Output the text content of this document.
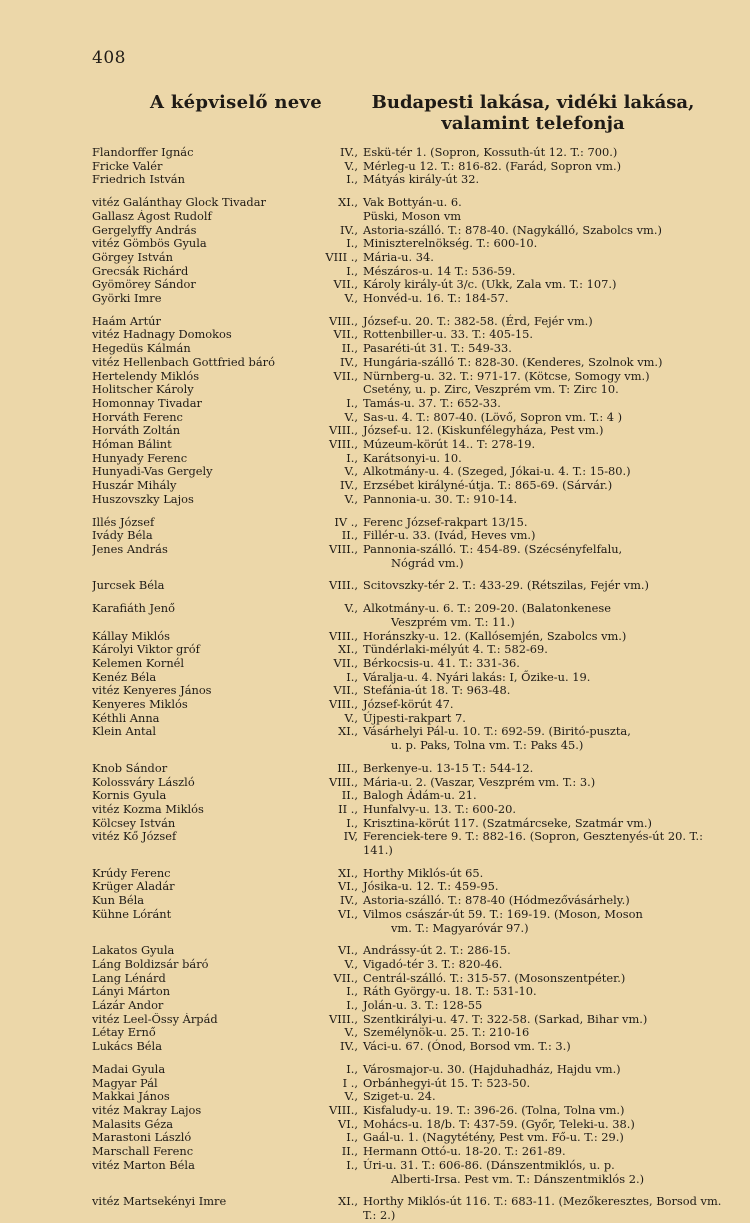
408
A képviselő neve	Budapesti lakása, vidéki lakása,
valamint telefonja
Flandorffer Ignác	IV., Eskü-tér 1. (Sopron, Kossuth-út 12. T.: 700.)
Fricke Valér	V., Mérleg-u 12. T.: 816-82. (Farád, Sopron vm.)
Friedrich István	I., Mátyás király-út 32.
vitéz Galánthay Glock Tivadar	XI., Vak Bottyán-u. 6.
Gallasz Ágost Rudolf	Püski, Moson vm
Gergelyffy András	IV., Astoria-szálló. T.: 878-40. (Nagykálló, Szabolcs vm.)
vitéz Gömbös Gyula	I., Miniszterelnökség. T.: 600-10.
Görgey István	VIII ., Mária-u. 34.
Grecsák Richárd	I., Mészáros-u. 14 T.: 536-59.
Gyömörey Sándor	VII., Károly király-út 3/c. (Ukk, Zala vm. T.: 107.)
Györki Imre	V., Honvéd-u. 16. T.: 184-57.
Haám Artúr	VIII., József-u. 20. T.: 382-58. (Érd, Fejér vm.)
vitéz Hadnagy Domokos	VII., Rottenbiller-u. 33. T.: 405-15.
Hegedüs Kálmán	II., Pasaréti-út 31. T.: 549-33.
vitéz Hellenbach Gottfried báró	IV., Hungária-szálló T.: 828-30. (Kenderes, Szolnok vm.)
Hertelendy Miklós	VII., Nürnberg-u. 32. T.: 971-17. (Kötcse, Somogy vm.)
Holitscher Károly	Csetény, u. p. Zirc, Veszprém vm. T: Zirc 10.
Homonnay Tivadar	I., Tamás-u. 37. T.: 652-33.
Horváth Ferenc	V., Sas-u. 4. T.: 807-40. (Lövő, Sopron vm. T.: 4 )
Horváth Zoltán	VIII., József-u. 12. (Kiskunfélegyháza, Pest vm.)
Hóman Bálint	VIII., Múzeum-körút 14.. T: 278-19.
Hunyady Ferenc	I., Karátsonyi-u. 10.
Hunyadi-Vas Gergely	V., Alkotmány-u. 4. (Szeged, Jókai-u. 4. T.: 15-80.)
Huszár Mihály	IV., Erzsébet királyné-útja. T.: 865-69. (Sárvár.)
Huszovszky Lajos	V., Pannonia-u. 30. T.: 910-14.
Illés József	IV ., Ferenc József-rakpart 13/15.
Ivády Béla	II., Fillér-u. 33. (Ivád, Heves vm.)
Jenes András	VIII., Pannonia-szálló. T.: 454-89. (Szécsényfelfalu,
Nógrád vm.)
Jurcsek Béla	VIII., Scitovszky-tér 2. T.: 433-29. (Rétszilas, Fejér vm.)
Karafiáth Jenő	V., Alkotmány-u. 6. T.: 209-20. (Balatonkenese
Veszprém vm. T.: 11.)
Kállay Miklós	VIII., Horánszky-u. 12. (Kallósemjén, Szabolcs vm.)
Károlyi Viktor gróf	XI., Tündérlaki-mélyút 4. T.: 582-69.
Kelemen Kornél	VII., Bérkocsis-u. 41. T.: 331-36.
Kenéz Béla	I., Váralja-u. 4. Nyári lakás: I, Őzike-u. 19.
vitéz Kenyeres János	VII., Stefánia-út 18. T: 963-48.
Kenyeres Miklós	VIII., József-körút 47.
Kéthli Anna	V., Újpesti-rakpart 7.
Klein Antal	XI., Vásárhelyi Pál-u. 10. T.: 692-59. (Biritó-puszta,
u. p. Paks, Tolna vm. T.: Paks 45.)
Knob Sándor	III., Berkenye-u. 13-15 T.: 544-12.
Kolossváry László	VIII., Mária-u. 2. (Vaszar, Veszprém vm. T.: 3.)
Kornis Gyula	II., Balogh Ádám-u. 21.
vitéz Kozma Miklós	II ., Hunfalvy-u. 13. T.: 600-20.
Kölcsey István	I., Krisztina-körút 117. (Szatmárcseke, Szatmár vm.)
vitéz Kő József	IV, Ferenciek-tere 9. T.: 882-16. (Sopron, Gesztenyés-út 20. T.: 141.)
Krúdy Ferenc	XI., Horthy Miklós-út 65.
Krüger Aladár	VI., Jósika-u. 12. T.: 459-95.
Kun Béla	IV., Astoria-szálló. T.: 878-40 (Hódmezővásárhely.)
Kühne Lóránt	VI., Vilmos császár-út 59. T.: 169-19. (Moson, Moson
vm. T.: Magyaróvár 97.)
Lakatos Gyula	VI., Andrássy-út 2. T.: 286-15.
Láng Boldizsár báró	V., Vigadó-tér 3. T.: 820-46.
Lang Lénárd	VII., Centrál-szálló. T.: 315-57. (Mosonszentpéter.)
Lányi Márton	I., Ráth György-u. 18. T.: 531-10.
Lázár Andor	I., Jolán-u. 3. T.: 128-55
vitéz Leel-Őssy Árpád	VIII., Szentkirályi-u. 47. T: 322-58. (Sarkad, Bihar vm.)
Létay Ernő	V., Személynök-u. 25. T.: 210-16
Lukács Béla	IV., Váci-u. 67. (Ónod, Borsod vm. T.: 3.)
Madai Gyula	I., Városmajor-u. 30. (Hajduhadház, Hajdu vm.)
Magyar Pál	I ., Orbánhegyi-út 15. T: 523-50.
Makkai János	V., Sziget-u. 24.
vitéz Makray Lajos	VIII., Kisfaludy-u. 19. T.: 396-26. (Tolna, Tolna vm.)
Malasits Géza	VI., Mohács-u. 18/b. T: 437-59. (Győr, Teleki-u. 38.)
Marastoni László	I., Gaál-u. 1. (Nagytétény, Pest vm. Fő-u. T.: 29.)
Marschall Ferenc	II., Hermann Ottó-u. 18-20. T.: 261-89.
vitéz Marton Béla	I., Úri-u. 31. T.: 606-86. (Dánszentmiklós, u. p.
Alberti-Irsa. Pest vm. T.: Dánszentmiklós 2.)
vitéz Martsekényi Imre	XI., Horthy Miklós-út 116. T.: 683-11. (Mezőkeresztes, Borsod vm. T.: 2.)
